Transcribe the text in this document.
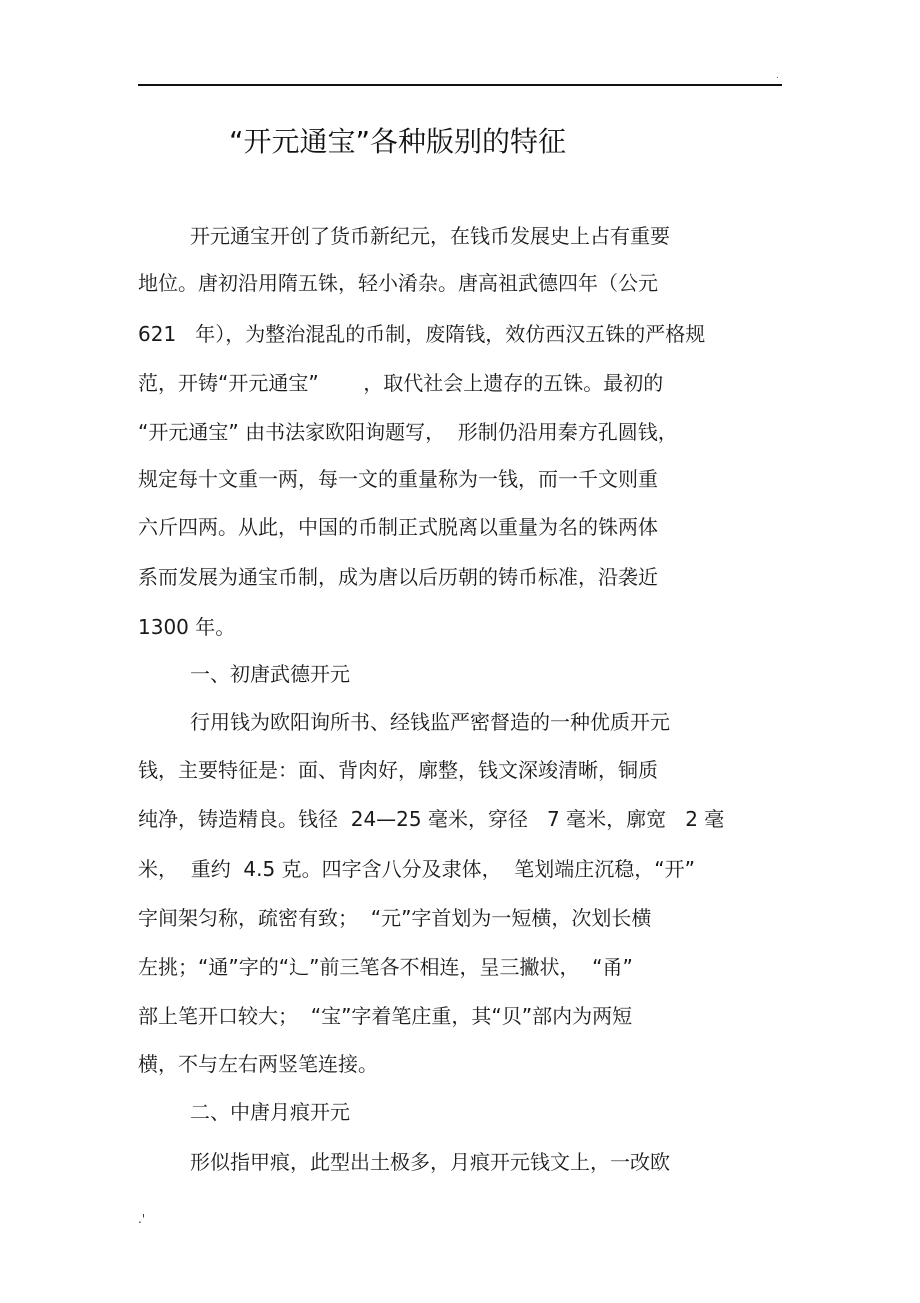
.
“开元通宝”各种版别的特征
开元通宝开创了货币新纪元，在钱币发展史上占有重要
地位。唐初沿用隋五铢，轻小淆杂。唐高祖武德四年（公元
621   年），为整治混乱的币制，废隋钱，效仿西汉五铢的严格规
范，开铸“开元通宝”       ，取代社会上遗存的五铢。最初的
“开元通宝” 由书法家欧阳询题写，  形制仍沿用秦方孔圆钱，
规定每十文重一两，每一文的重量称为一钱，而一千文则重
六斤四两。从此，中国的币制正式脱离以重量为名的铢两体
系而发展为通宝币制，成为唐以后历朝的铸币标准，沿袭近
1300 年。
一、初唐武德开元
行用钱为欧阳询所书、经钱监严密督造的一种优质开元
钱，主要特征是：面、背肉好，廓整，钱文深竣清晰，铜质
纯净，铸造精良。钱径  24—25 毫米，穿径   7 毫米，廓宽   2 毫
米，  重约  4.5 克。四字含八分及隶体，  笔划端庄沉稳，“开”
字间架匀称，疏密有致；  “元”字首划为一短横，次划长横
左挑；“通”字的“辶”前三笔各不相连，呈三撇状，  “甬”
部上笔开口较大；  “宝”字着笔庄重，其“贝”部内为两短
横，不与左右两竖笔连接。
二、中唐月痕开元
形似指甲痕，此型出土极多，月痕开元钱文上，一改欧
.'
